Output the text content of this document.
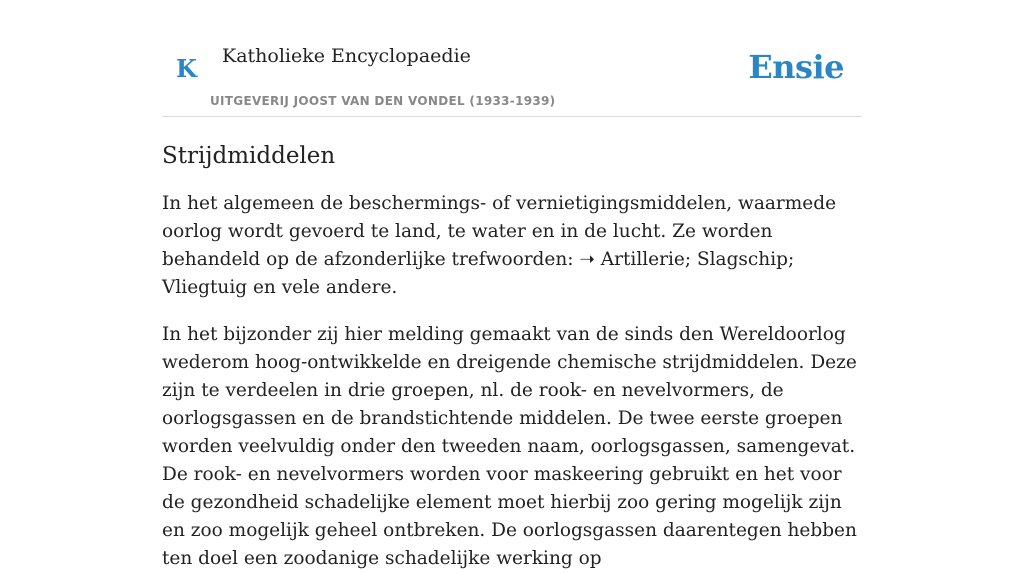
K Katholieke Encyclopaedie
UITGEVERIJ JOOST VAN DEN VONDEL (1933-1939)
Ensie
Strijdmiddelen

In het algemeen de beschermings- of vernietigingsmiddelen, waarmede oorlog wordt gevoerd te land, te water en in de lucht. Ze worden behandeld op de afzonderlijke trefwoorden: ➝ Artillerie; Slagschip; Vliegtuig en vele andere.

In het bijzonder zij hier melding gemaakt van de sinds den Wereldoorlog wederom hoog-ontwikkelde en dreigende chemische strijdmiddelen. Deze zijn te verdeelen in drie groepen, nl. de rook- en nevelvormers, de oorlogsgassen en de brandstichtende middelen. De twee eerste groepen worden veelvuldig onder den tweeden naam, oorlogsgassen, samengevat. De rook- en nevelvormers worden voor maskeering gebruikt en het voor de gezondheid schadelijke element moet hierbij zoo gering mogelijk zijn en zoo mogelijk geheel ontbreken. De oorlogsgassen daarentegen hebben ten doel een zoodanige schadelijke werking op
